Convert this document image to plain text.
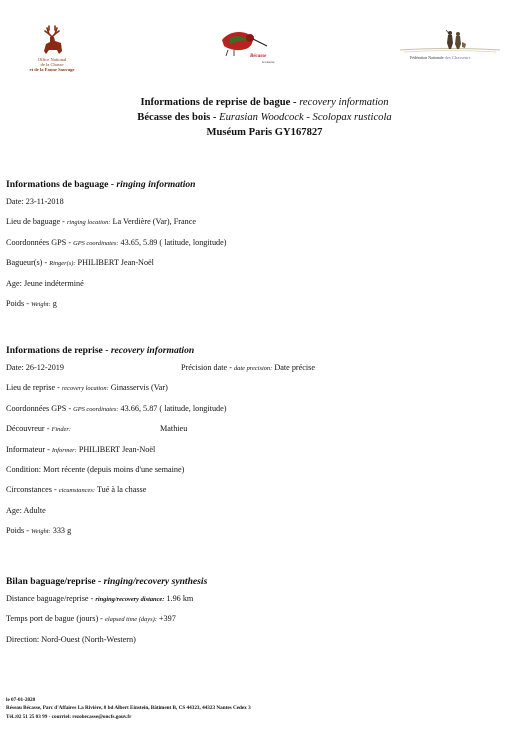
Office National
de la Chasse
et de la Faune Sauvage
Bécasse
le réseau
Fédération Nationale des Chasseurs
Informations de reprise de bague - recovery information
Bécasse des bois - Eurasian Woodcock - Scolopax rusticola
Muséum Paris GY167827
Informations de baguage - ringing information
Date: 23-11-2018
Lieu de baguage - ringing location: La Verdière (Var), France
Coordonnées GPS - GPS coordinates: 43.65, 5.89 ( latitude, longitude)
Bagueur(s) - Ringer(s): PHILIBERT Jean-Noël
Age: Jeune indéterminé
Poids - Weight: g
Informations de reprise - recovery information
Date: 26-12-2019	Précision date - date precision: Date précise
Lieu de reprise - recovery location: Ginasservis (Var)
Coordonnées GPS - GPS coordinates: 43.66, 5.87 ( latitude, longitude)
Découvreur - Finder:	Mathieu
Informateur - Informer: PHILIBERT Jean-Noël
Condition: Mort récente (depuis moins d'une semaine)
Circonstances - cicumstances: Tué à la chasse
Age: Adulte
Poids - Weight: 333 g
Bilan baguage/reprise - ringing/recovery synthesis
Distance baguage/reprise - ringing/recovery distance: 1.96 km
Temps port de bague (jours) - elapsed time (days): +397
Direction: Nord-Ouest (North-Western)
le 07-01-2020
Réseau Bécasse, Parc d'Affaires La Rivière, 8 bd Albert Einstein, Bâtiment B, CS 44323, 44323 Nantes Cedex 3
Tél.:02 51 25 03 99 - courriel: rezobecasse@oncfs.gouv.fr
